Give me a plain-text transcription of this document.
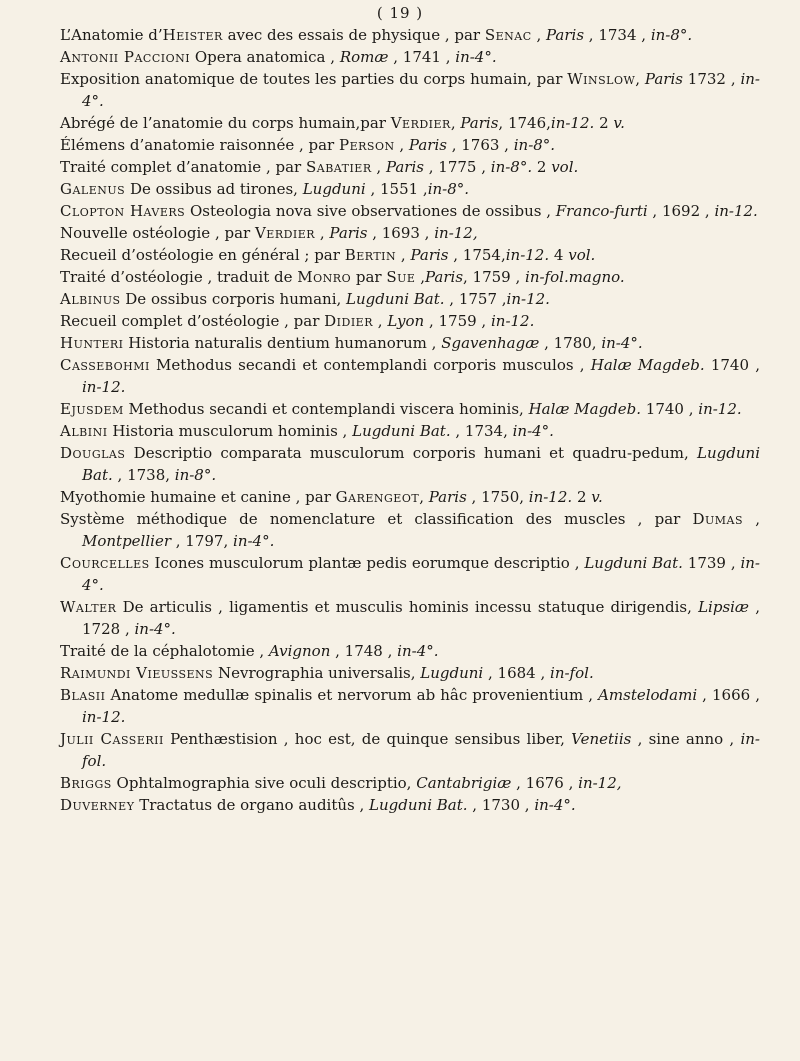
( 19 )

L’Anatomie d’Heister avec des essais de physique , par Senac , Paris , 1734 , in-8°.

Antonii Paccioni Opera anatomica , Romæ , 1741 , in-4°.

Exposition anatomique de toutes les parties du corps humain, par Winslow, Paris 1732 , in-4°.

Abrégé de l’anatomie du corps humain,par Verdier, Paris, 1746,in-12. 2 v.

Élémens d’anatomie raisonnée , par Person , Paris , 1763 , in-8°.

Traité complet d’anatomie , par Sabatier , Paris , 1775 , in-8°. 2 vol.

Galenus De ossibus ad tirones, Lugduni , 1551 ,in-8°.

Clopton Havers Osteologia nova sive observationes de ossibus , Franco-furti , 1692 , in-12.

Nouvelle ostéologie , par Verdier , Paris , 1693 , in-12,

Recueil d’ostéologie en général ; par Bertin , Paris , 1754,in-12. 4 vol.

Traité d’ostéologie , traduit de Monro par Sue ,Paris, 1759 , in-fol.magno.

Albinus De ossibus corporis humani, Lugduni Bat. , 1757 ,in-12.

Recueil complet d’ostéologie , par Didier , Lyon , 1759 , in-12.

Hunteri Historia naturalis dentium humanorum , Sgavenhagæ , 1780, in-4°.

Cassebohmi Methodus secandi et contemplandi corporis musculos , Halæ Magdeb. 1740 , in-12.

Ejusdem Methodus secandi et contemplandi viscera hominis, Halæ Magdeb. 1740 , in-12.

Albini Historia musculorum hominis , Lugduni Bat. , 1734, in-4°.

Douglas Descriptio comparata musculorum corporis humani et quadru-pedum, Lugduni Bat. , 1738, in-8°.

Myothomie humaine et canine , par Garengeot, Paris , 1750, in-12. 2 v.

Système méthodique de nomenclature et classification des muscles , par Dumas , Montpellier , 1797, in-4°.

Courcelles Icones musculorum plantæ pedis eorumque descriptio , Lugduni Bat. 1739 , in-4°.

Walter De articulis , ligamentis et musculis hominis incessu statuque dirigendis, Lipsiæ , 1728 , in-4°.

Traité de la céphalotomie , Avignon , 1748 , in-4°.

Raimundi Vieussens Nevrographia universalis, Lugduni , 1684 , in-fol.

Blasii Anatome medullæ spinalis et nervorum ab hâc provenientium , Amstelodami , 1666 , in-12.

Julii Casserii Penthæstision , hoc est, de quinque sensibus liber, Venetiis , sine anno , in-fol.

Briggs Ophtalmographia sive oculi descriptio, Cantabrigiæ , 1676 , in-12,

Duverney Tractatus de organo auditûs , Lugduni Bat. , 1730 , in-4°.
